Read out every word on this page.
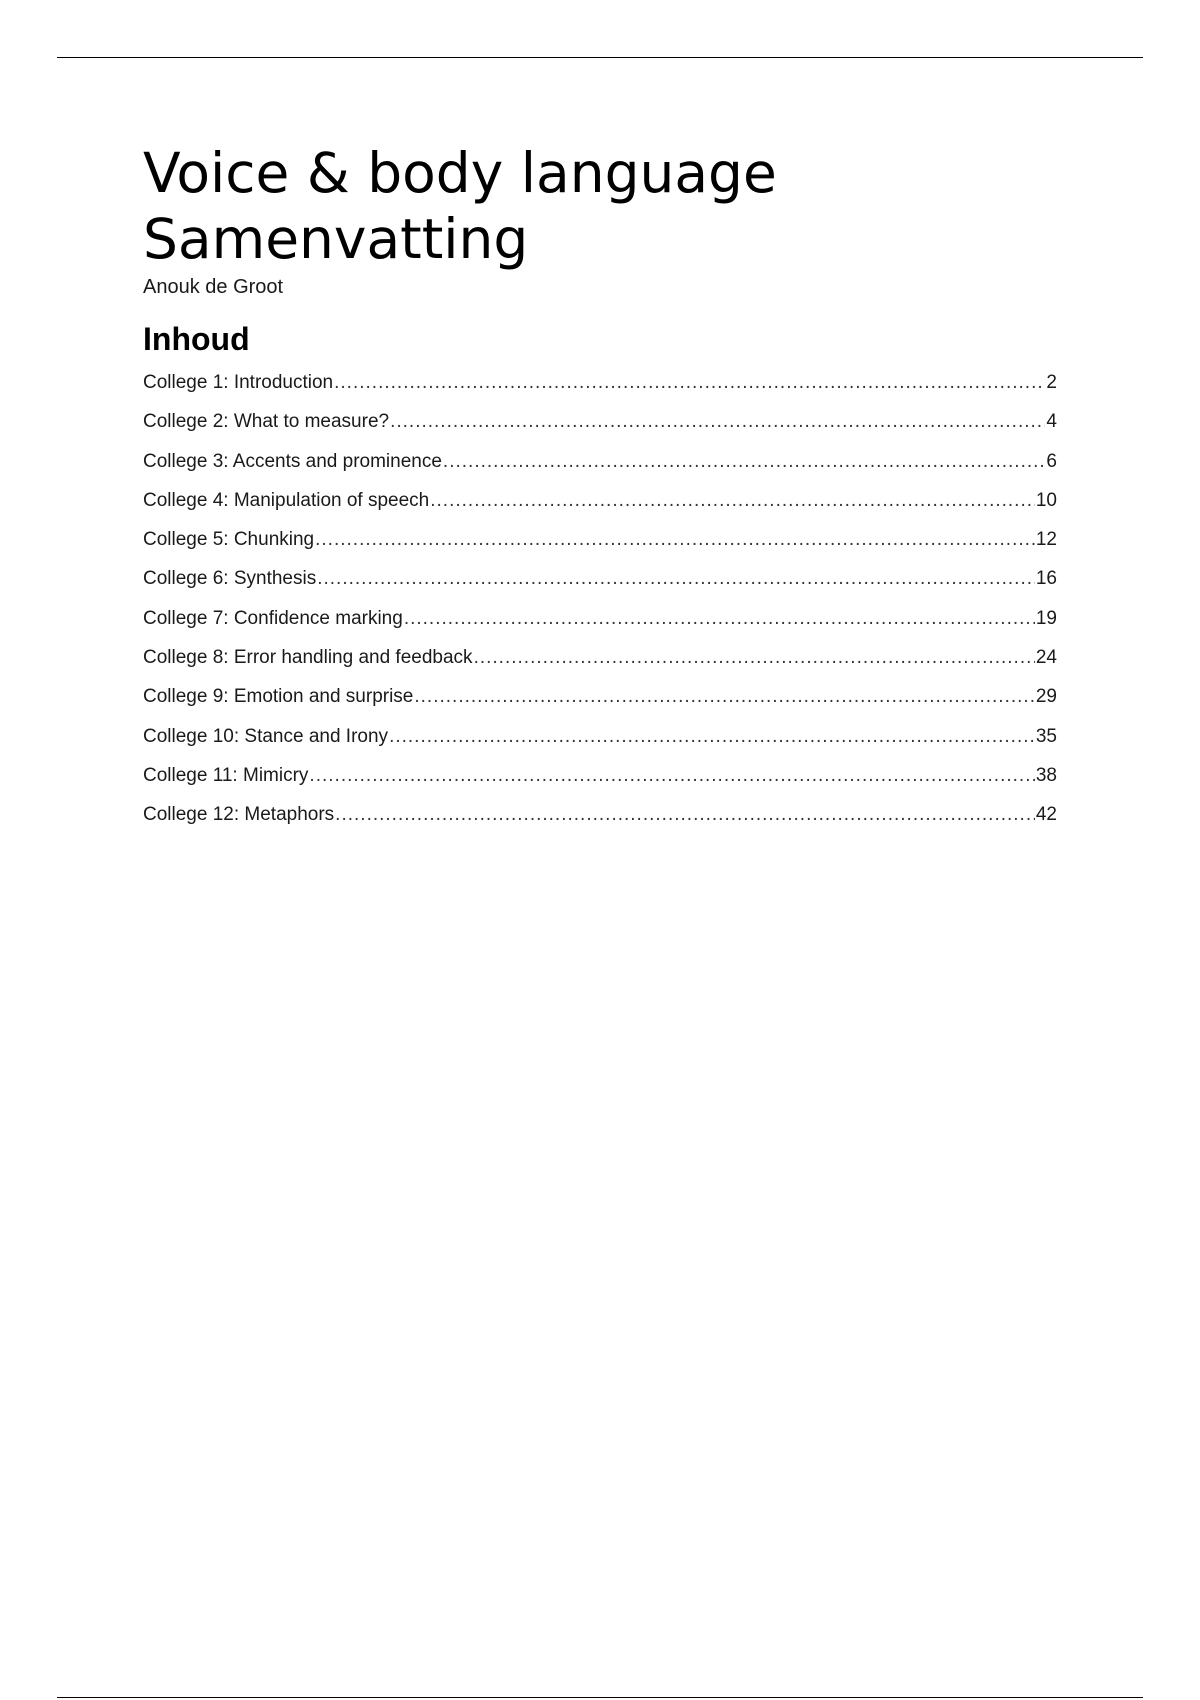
Voice & body language
Samenvatting
Anouk de Groot
Inhoud
College 1: Introduction .....	2
College 2: What to measure? .....	4
College 3: Accents and prominence .....	6
College 4: Manipulation of speech .....	10
College 5: Chunking .....	12
College 6: Synthesis .....	16
College 7: Confidence marking .....	19
College 8: Error handling and feedback .....	24
College 9: Emotion and surprise .....	29
College 10: Stance and Irony .....	35
College 11: Mimicry .....	38
College 12: Metaphors .....	42
